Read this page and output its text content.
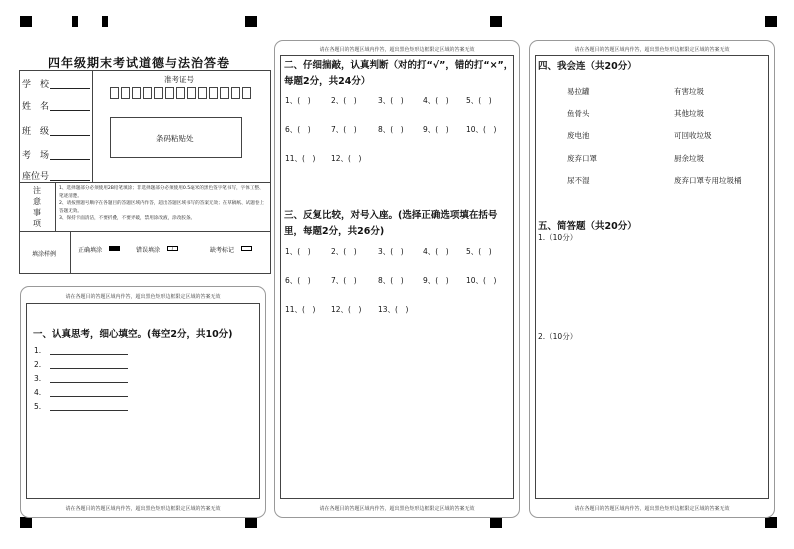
四年级期末考试道德与法治答卷
学　校
姓　名
班　级
考　场
座位号
准考证号
条码粘贴处
注
意
事
项
1、选择题部分必须使用2B铅笔填涂；非选择题部分必须使用0.5毫米的黑色签字笔书写，字体工整、笔迹清楚。
2、请按照题号顺序在各题目的答题区域内作答，超出答题区域书写的答案无效；在草稿纸、试题卷上答题无效。
3、保持卡面清洁，不要折叠，不要弄破，禁用涂改液，涂改胶条。
填涂样例
正确填涂	错误填涂	/	缺考标记
请在各题目的答题区域内作答，超出黑色矩形边框限定区域的答案无效
请在各题目的答题区域内作答，超出黑色矩形边框限定区域的答案无效
一、认真思考，细心填空。(每空2分，共10分)
1.
2.
3.
4.
5.
请在各题目的答题区域内作答，超出黑色矩形边框限定区域的答案无效
请在各题目的答题区域内作答，超出黑色矩形边框限定区域的答案无效
二、仔细揣敲，认真判断（对的打“√”，错的打“×”，每题2分，共24分）
1、(　)	2、(　)	3、(　)	4、(　) 5、(　)
6、(　)	7、(　)	8、(　)	9、(　) 10、(　)
11、(　) 12、(　)
三、反复比较，对号入座。(选择正确选项填在括号里，每题2分，共26分)
1、(　)	2、(　)	3、(　)	4、(　) 5、(　)
6、(　)	7、(　)	8、(　)	9、(　) 10、(　)
11、(　) 12、(　) 13、(　)
请在各题目的答题区域内作答，超出黑色矩形边框限定区域的答案无效
请在各题目的答题区域内作答，超出黑色矩形边框限定区域的答案无效
四、我会连（共20分）
易拉罐	有害垃圾
鱼骨头	其他垃圾
废电池	可回收垃圾
废弃口罩	厨余垃圾
尿不湿	废弃口罩专用垃圾桶
五、简答题（共20分）
1.（10分）
2.（10分）
